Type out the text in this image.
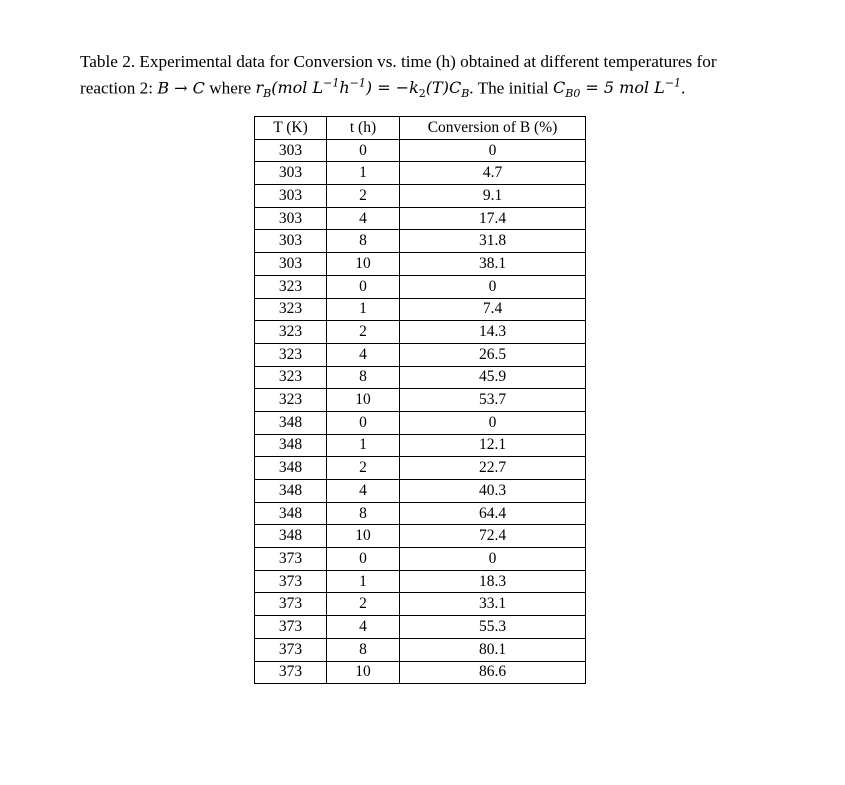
Table 2. Experimental data for Conversion vs. time (h) obtained at different temperatures for
reaction 2: B → C where $r_B(mol$ $L^{-1}h^{-1}) = -k_2(T)C_B$. The initial $C_{B0} = 5$ mol $L^{-1}$.
T (K)	t (h)	Conversion of B (%)
303	0	0
303	1	4.7
303	2	9.1
303	4	17.4
303	8	31.8
303	10	38.1
323	0	0
323	1	7.4
323	2	14.3
323	4	26.5
323	8	45.9
323	10	53.7
348	0	0
348	1	12.1
348	2	22.7
348	4	40.3
348	8	64.4
348	10	72.4
373	0	0
373	1	18.3
373	2	33.1
373	4	55.3
373	8	80.1
373	10	86.6
